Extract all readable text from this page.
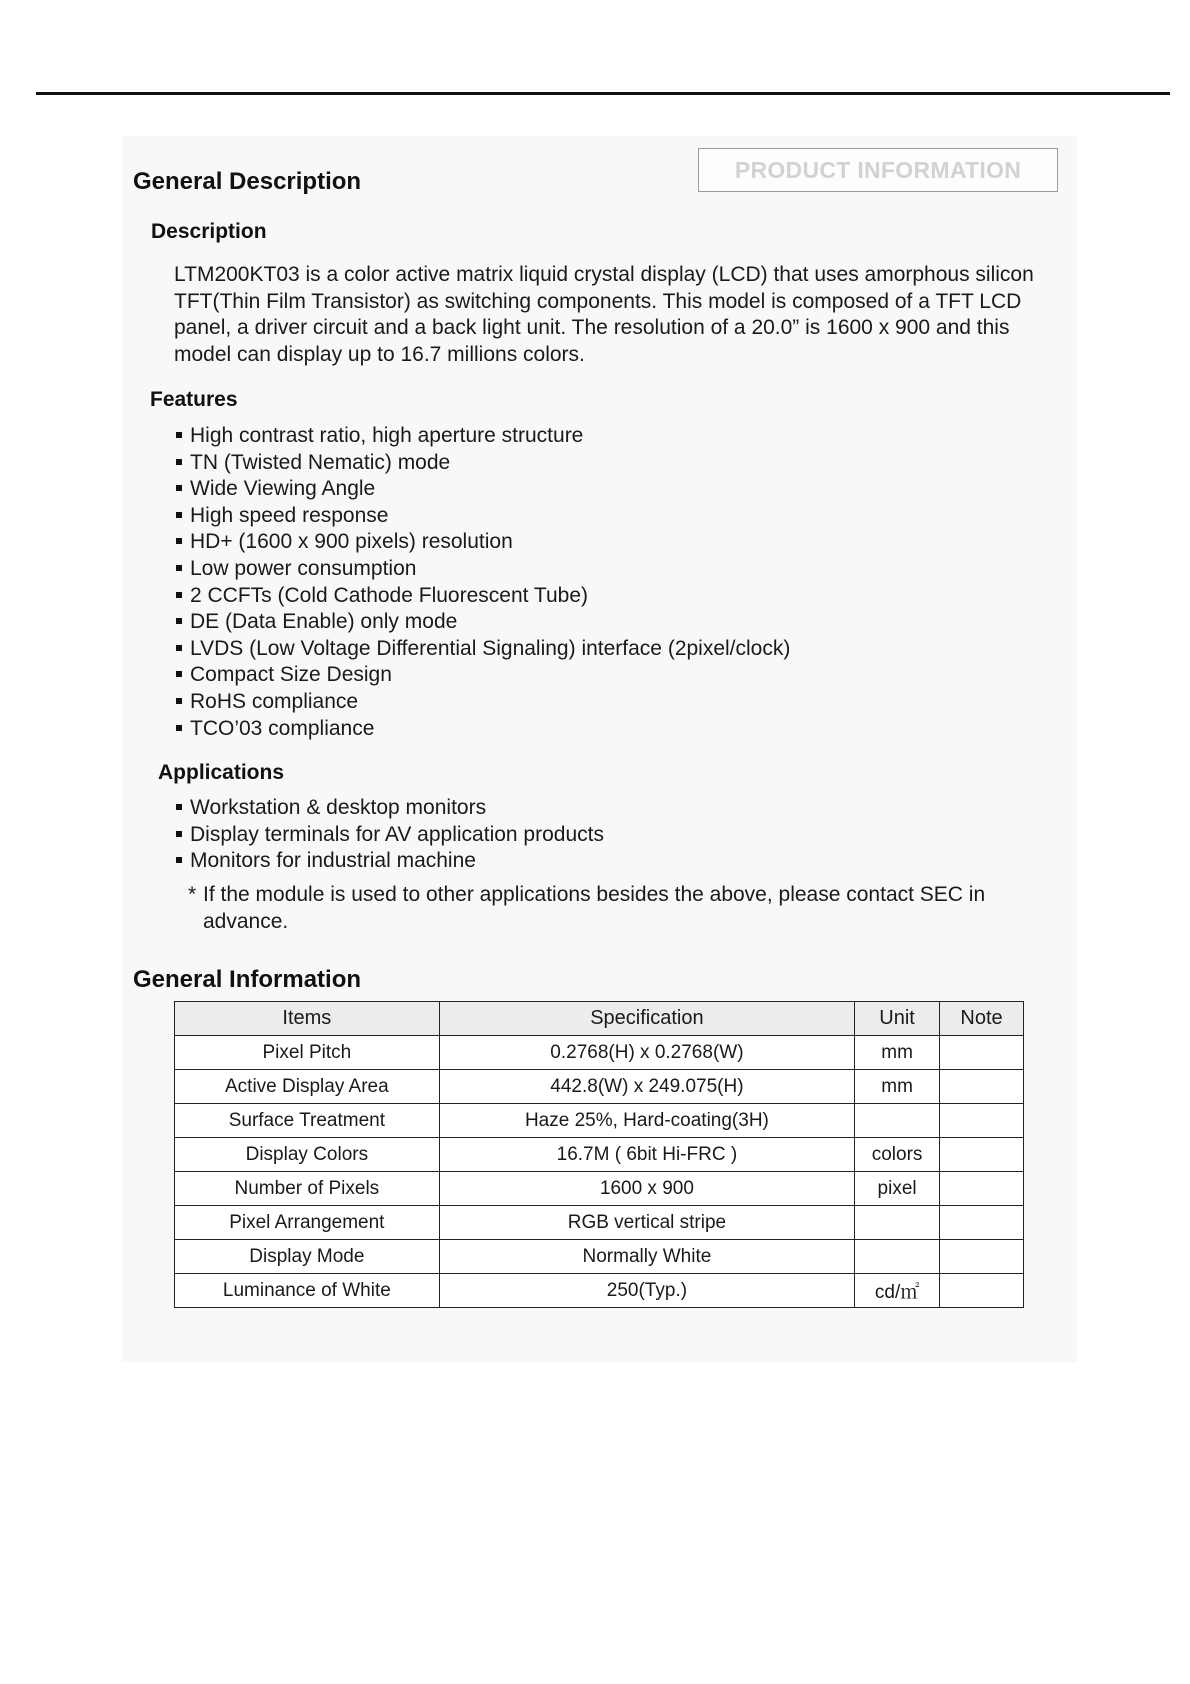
PRODUCT INFORMATION
General Description
Description
LTM200KT03 is a color active matrix liquid crystal display (LCD) that uses amorphous silicon TFT(Thin Film Transistor) as switching components. This model is composed of a TFT LCD panel, a driver circuit and a back light unit. The resolution of a 20.0” is 1600 x 900 and this model can display up to 16.7 millions colors.
Features
High contrast ratio, high aperture structure
TN (Twisted Nematic) mode
Wide Viewing Angle
High speed response
HD+ (1600 x 900 pixels) resolution
Low power consumption
2 CCFTs (Cold Cathode Fluorescent Tube)
DE (Data Enable) only mode
LVDS (Low Voltage Differential Signaling) interface (2pixel/clock)
Compact Size Design
RoHS compliance
TCO’03 compliance
Applications
Workstation & desktop monitors
Display terminals for AV application products
Monitors for industrial machine
* If the module is used to other applications besides the above, please contact SEC in advance.
General Information
Items	Specification	Unit	Note
Pixel Pitch	0.2768(H) x 0.2768(W)	mm	
Active Display Area	442.8(W) x 249.075(H)	mm	
Surface Treatment	Haze 25%, Hard-coating(3H)		
Display Colors	16.7M ( 6bit Hi-FRC )	colors	
Number of Pixels	1600 x 900	pixel	
Pixel Arrangement	RGB vertical stripe		
Display Mode	Normally White		
Luminance of White	250(Typ.)	cd/㎡	
